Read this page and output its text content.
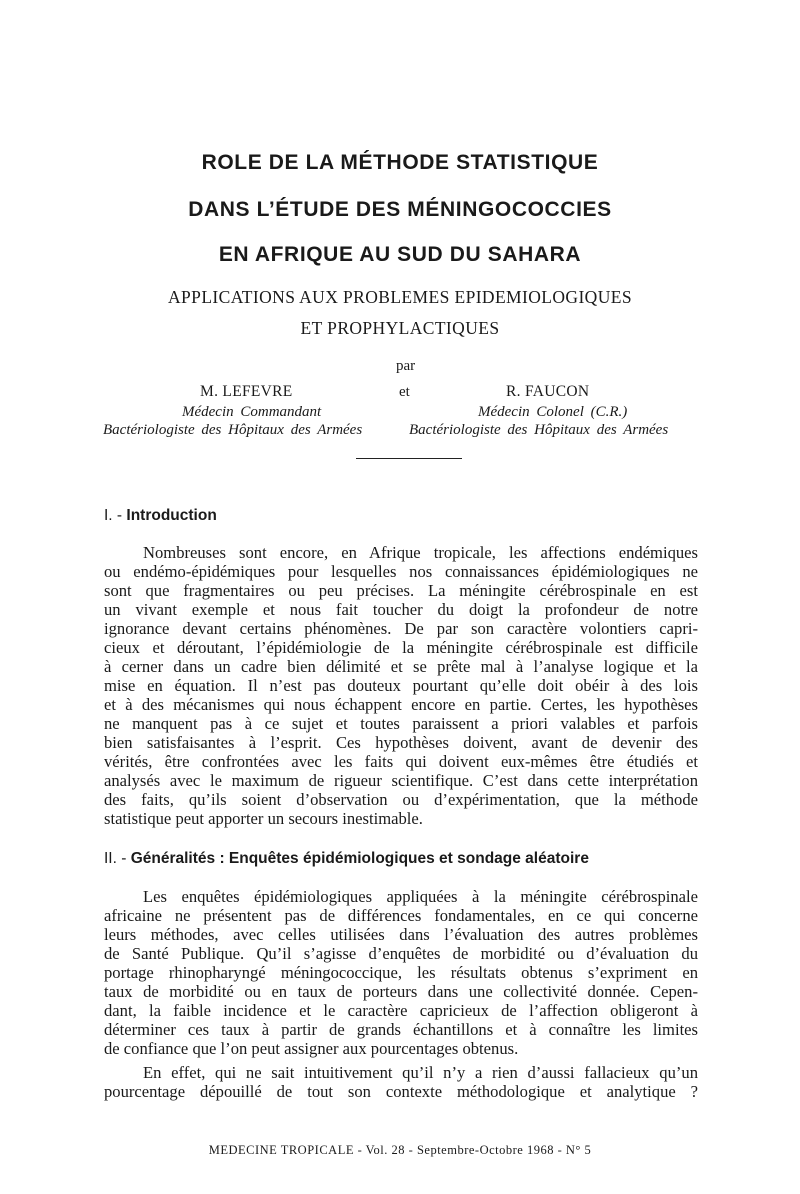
ROLE DE LA MÉTHODE STATISTIQUE
DANS L’ÉTUDE DES MÉNINGOCOCCIES
EN AFRIQUE AU SUD DU SAHARA
APPLICATIONS AUX PROBLEMES EPIDEMIOLOGIQUES
ET PROPHYLACTIQUES
par
et
M. LEFEVRE
Médecin Commandant
Bactériologiste des Hôpitaux des Armées
R. FAUCON
Médecin Colonel (C.R.)
Bactériologiste des Hôpitaux des Armées
I. - Introduction
Nombreuses sont encore, en Afrique tropicale, les affections endémiques
ou endémo-épidémiques pour lesquelles nos connaissances épidémiologiques ne
sont que fragmentaires ou peu précises. La méningite cérébrospinale en est
un vivant exemple et nous fait toucher du doigt la profondeur de notre
ignorance devant certains phénomènes. De par son caractère volontiers capri-
cieux et déroutant, l’épidémiologie de la méningite cérébrospinale est difficile
à cerner dans un cadre bien délimité et se prête mal à l’analyse logique et la
mise en équation. Il n’est pas douteux pourtant qu’elle doit obéir à des lois
et à des mécanismes qui nous échappent encore en partie. Certes, les hypothèses
ne manquent pas à ce sujet et toutes paraissent a priori valables et parfois
bien satisfaisantes à l’esprit. Ces hypothèses doivent, avant de devenir des
vérités, être confrontées avec les faits qui doivent eux-mêmes être étudiés et
analysés avec le maximum de rigueur scientifique. C’est dans cette interprétation
des faits, qu’ils soient d’observation ou d’expérimentation, que la méthode
statistique peut apporter un secours inestimable.
II. - Généralités : Enquêtes épidémiologiques et sondage aléatoire
Les enquêtes épidémiologiques appliquées à la méningite cérébrospinale
africaine ne présentent pas de différences fondamentales, en ce qui concerne
leurs méthodes, avec celles utilisées dans l’évaluation des autres problèmes
de Santé Publique. Qu’il s’agisse d’enquêtes de morbidité ou d’évaluation du
portage rhinopharyngé méningococcique, les résultats obtenus s’expriment en
taux de morbidité ou en taux de porteurs dans une collectivité donnée. Cepen-
dant, la faible incidence et le caractère capricieux de l’affection obligeront à
déterminer ces taux à partir de grands échantillons et à connaître les limites
de confiance que l’on peut assigner aux pourcentages obtenus.
En effet, qui ne sait intuitivement qu’il n’y a rien d’aussi fallacieux qu’un
pourcentage dépouillé de tout son contexte méthodologique et analytique ?
MEDECINE TROPICALE - Vol. 28 - Septembre-Octobre 1968 - N° 5
